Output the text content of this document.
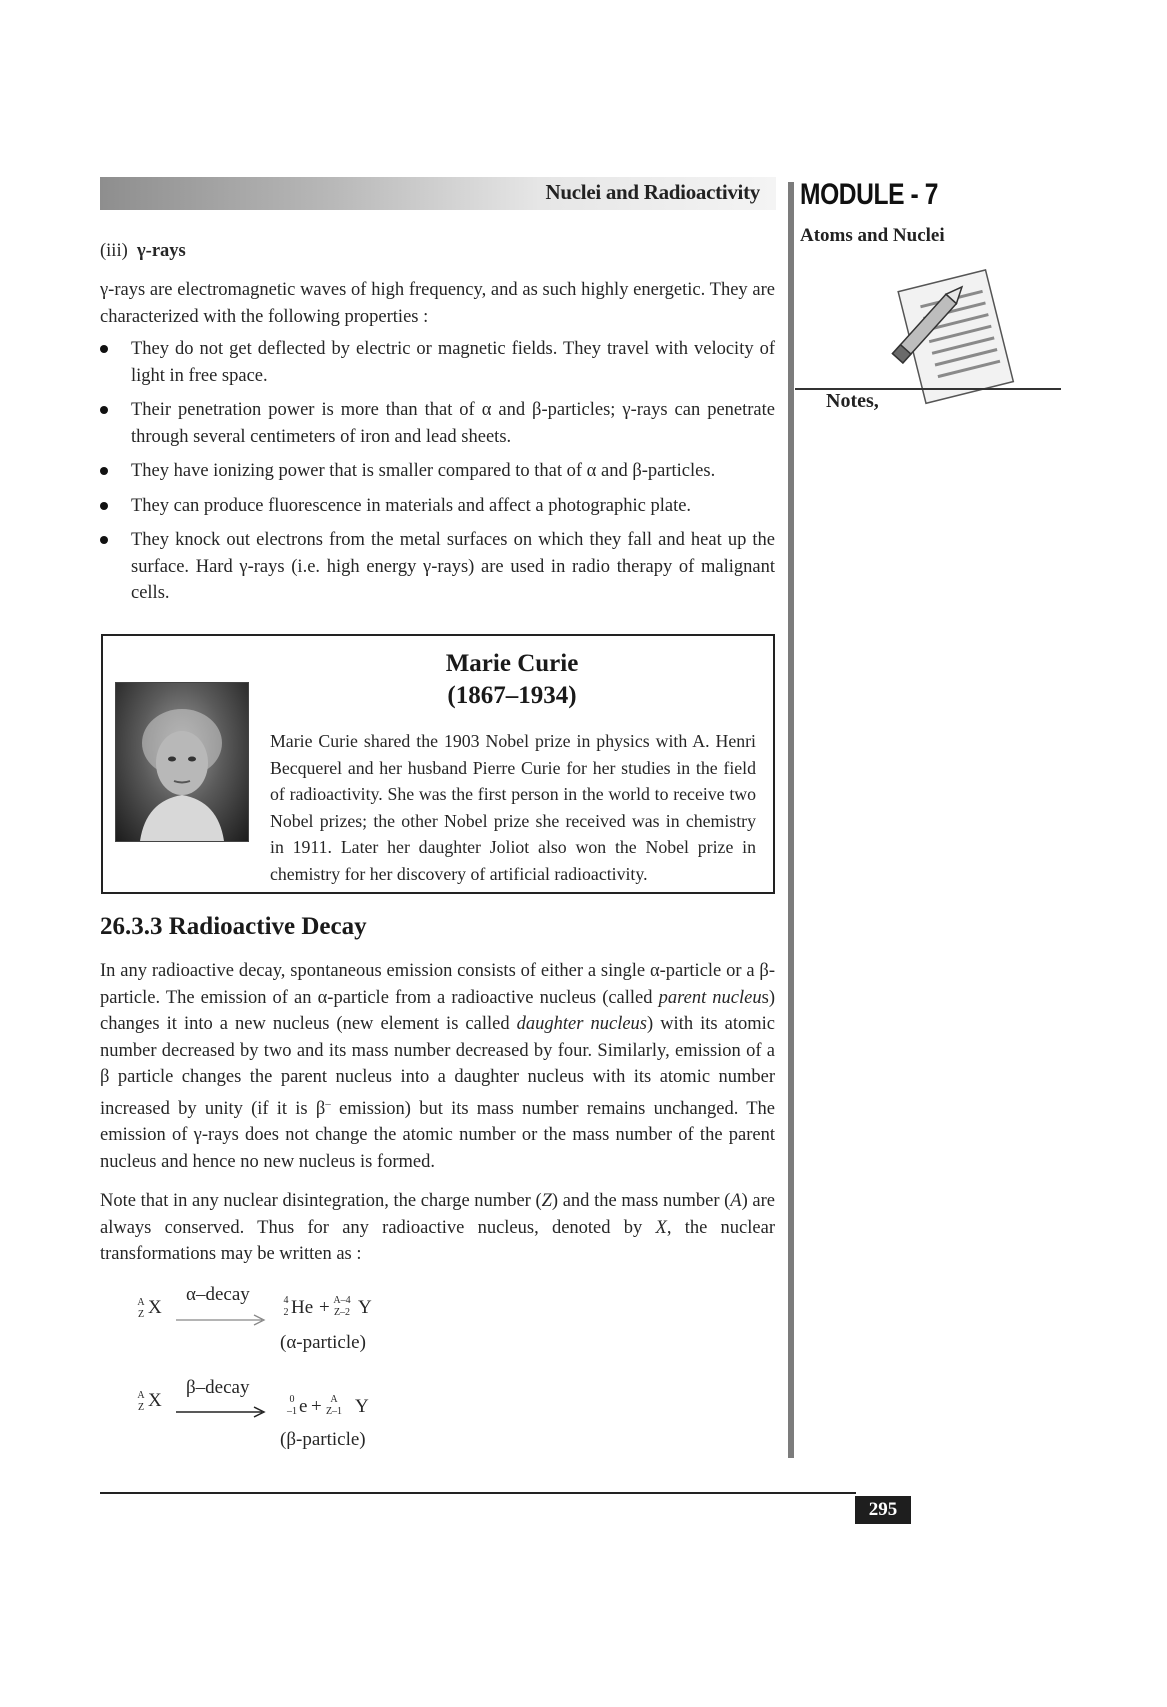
Nuclei and Radioactivity MODULE - 7
Atoms and Nuclei
Notes,
(iii) γ-rays
γ-rays are electromagnetic waves of high frequency, and as such highly energetic. They are characterized with the following properties :
They do not get deflected by electric or magnetic fields. They travel with velocity of light in free space.
Their penetration power is more than that of α and β-particles; γ-rays can penetrate through several centimeters of iron and lead sheets.
They have ionizing power that is smaller compared to that of α and β-particles.
They can produce fluorescence in materials and affect a photographic plate.
They knock out electrons from the metal surfaces on which they fall and heat up the surface. Hard γ-rays (i.e. high energy γ-rays) are used in radio therapy of malignant cells.
Marie Curie
(1867–1934)
Marie Curie shared the 1903 Nobel prize in physics with A. Henri Becquerel and her husband Pierre Curie for her studies in the field of radioactivity. She was the first person in the world to receive two Nobel prizes; the other Nobel prize she received was in chemistry in 1911. Later her daughter Joliot also won the Nobel prize in chemistry for her discovery of artificial radioactivity.
26.3.3 Radioactive Decay
In any radioactive decay, spontaneous emission consists of either a single α-particle or a β-particle. The emission of an α-particle from a radioactive nucleus (called parent nucleus) changes it into a new nucleus (new element is called daughter nucleus) with its atomic number decreased by two and its mass number decreased by four. Similarly, emission of a β particle changes the parent nucleus into a daughter nucleus with its atomic number increased by unity (if it is β– emission) but its mass number remains unchanged. The emission of γ-rays does not change the atomic number or the mass number of the parent nucleus and hence no new nucleus is formed.
Note that in any nuclear disintegration, the charge number (Z) and the mass number (A) are always conserved. Thus for any radioactive nucleus, denoted by X, the nuclear transformations may be written as :
A
Z X
α–decay	4
2 He + A–4
Z–2 Y
(α-particle)
A
Z X
β–decay
0
–1 e + A
Z–1 Y
(β-particle)
295
